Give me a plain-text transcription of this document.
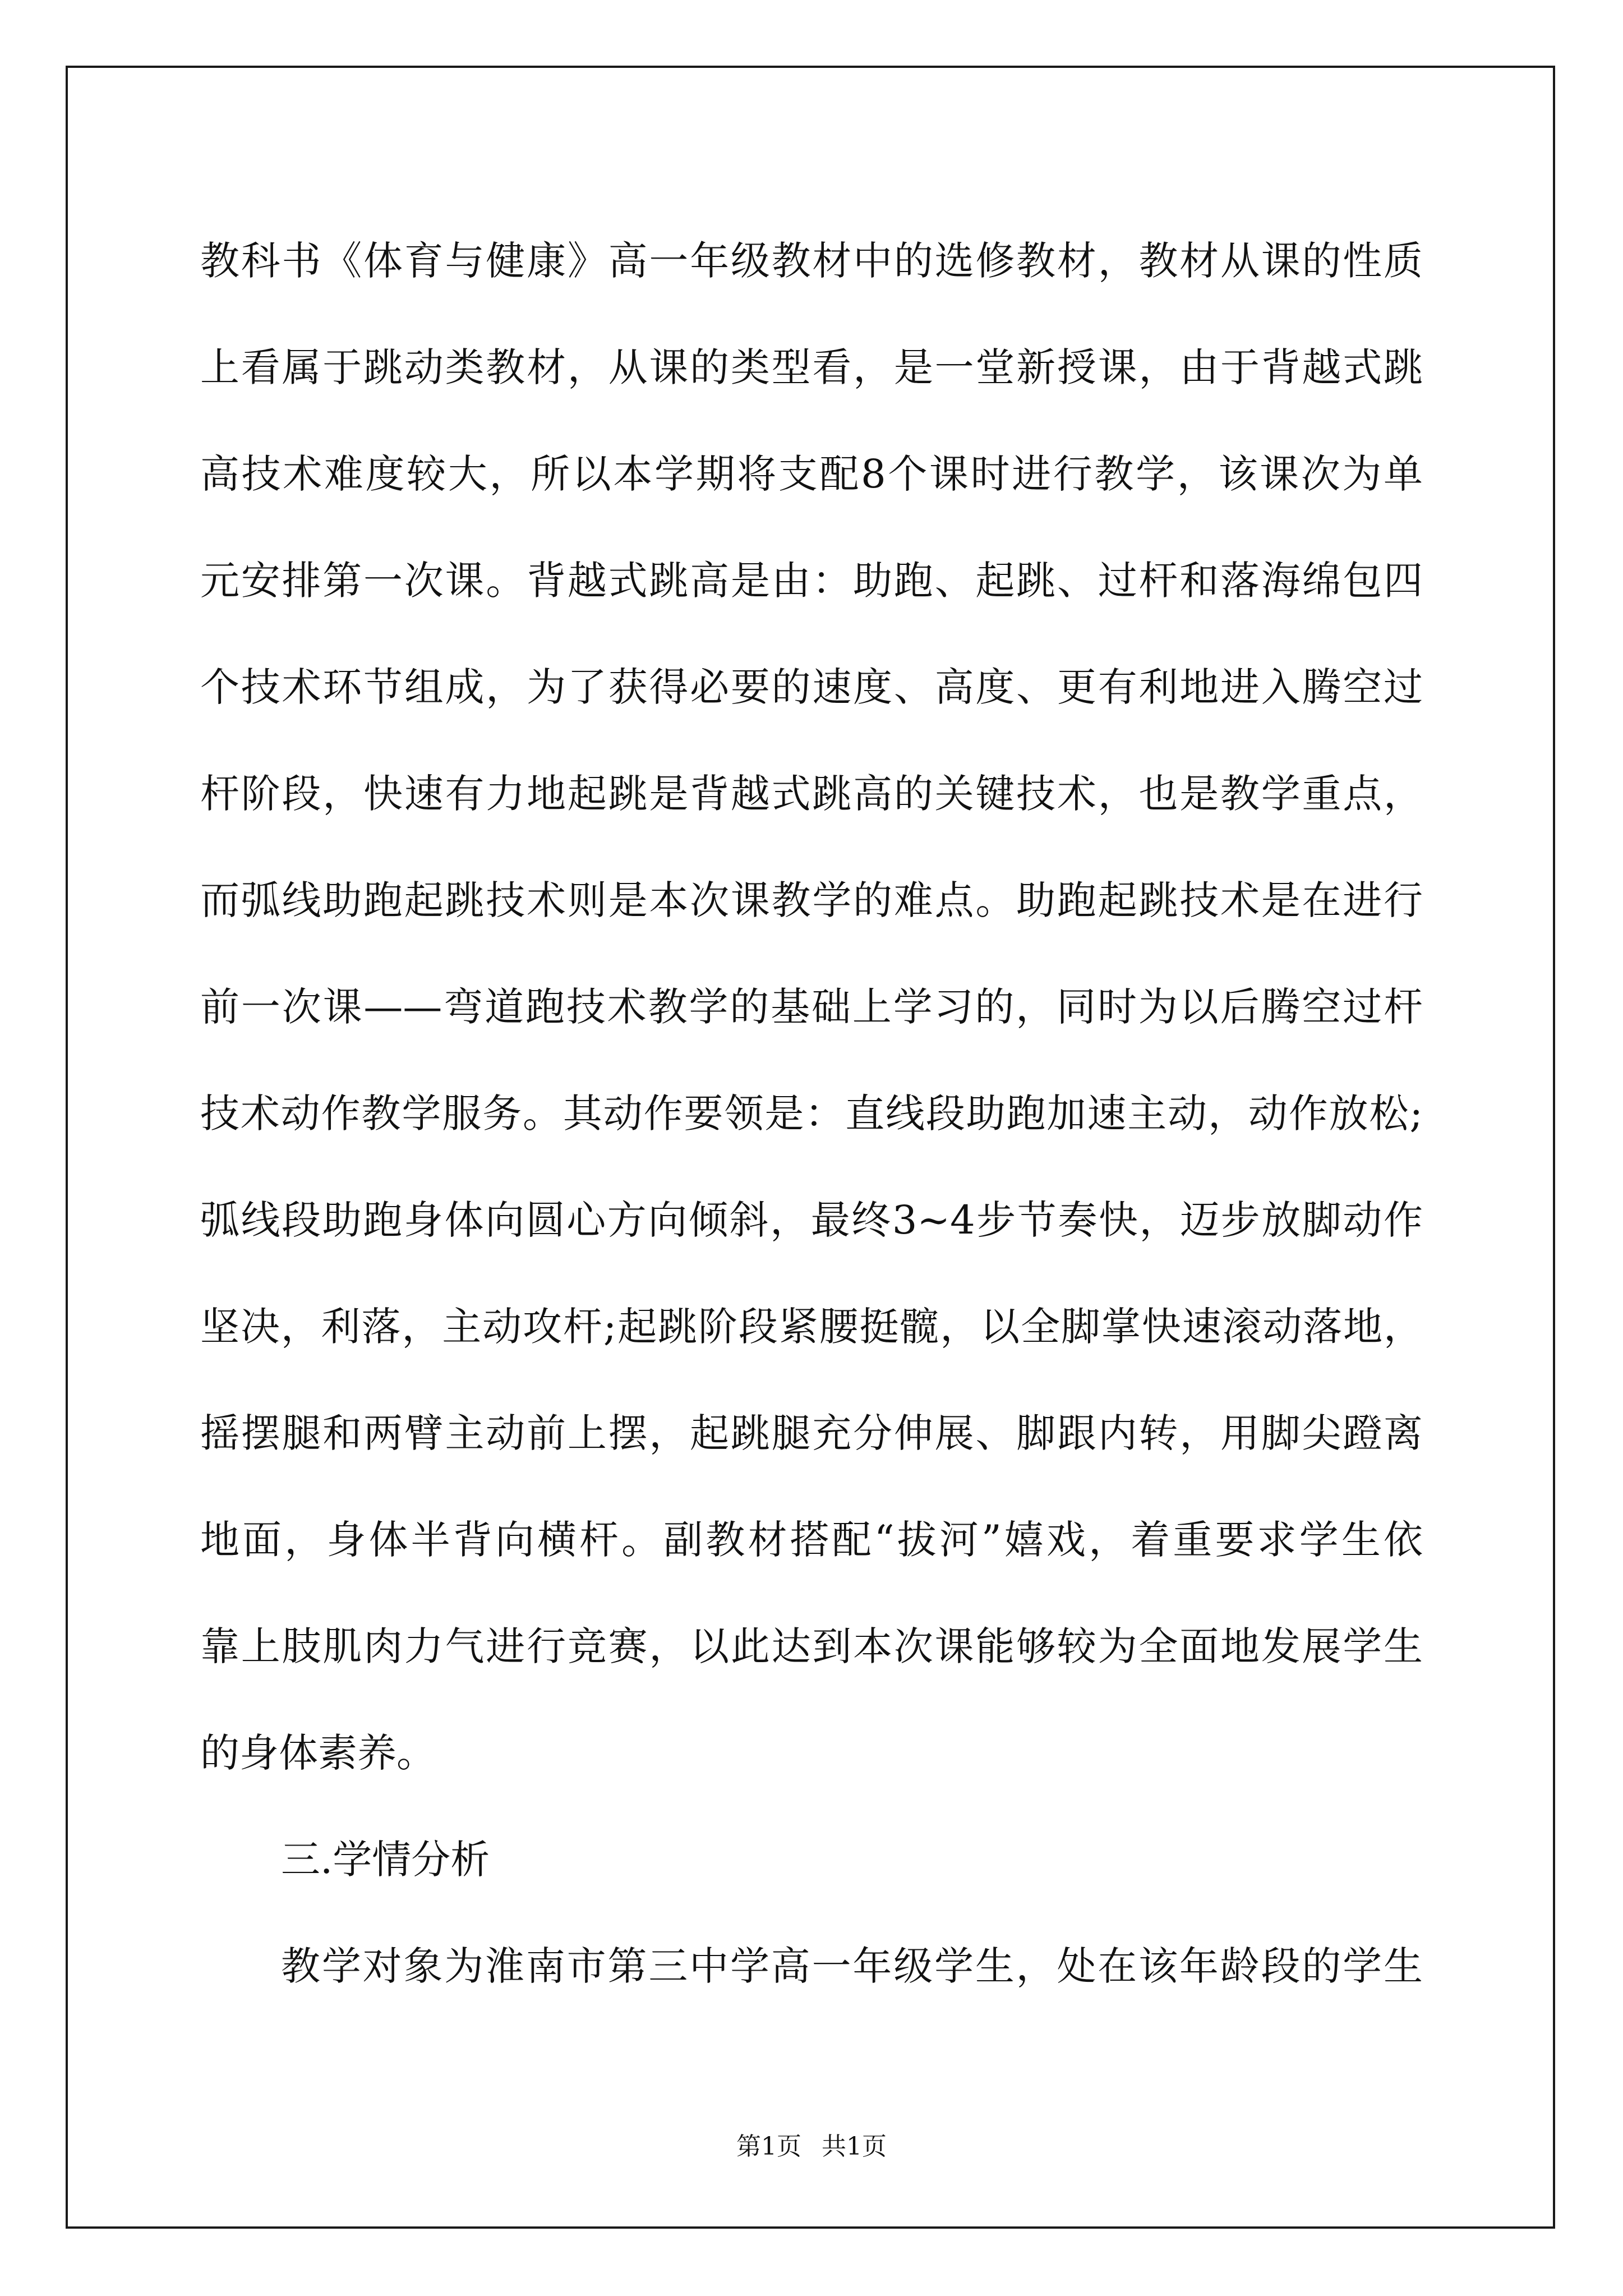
教科书《体育与健康》高一年级教材中的选修教材，教材从课的性质
上看属于跳动类教材，从课的类型看，是一堂新授课，由于背越式跳
高技术难度较大，所以本学期将支配8个课时进行教学，该课次为单
元安排第一次课。背越式跳高是由：助跑、起跳、过杆和落海绵包四
个技术环节组成，为了获得必要的速度、高度、更有利地进入腾空过
杆阶段，快速有力地起跳是背越式跳高的关键技术，也是教学重点，
而弧线助跑起跳技术则是本次课教学的难点。助跑起跳技术是在进行
前一次课——弯道跑技术教学的基础上学习的，同时为以后腾空过杆
技术动作教学服务。其动作要领是：直线段助跑加速主动，动作放松;
弧线段助跑身体向圆心方向倾斜，最终3~4步节奏快，迈步放脚动作
坚决，利落，主动攻杆;起跳阶段紧腰挺髋，以全脚掌快速滚动落地，
摇摆腿和两臂主动前上摆，起跳腿充分伸展、脚跟内转，用脚尖蹬离
地面，身体半背向横杆。副教材搭配“拔河”嬉戏，着重要求学生依
靠上肢肌肉力气进行竞赛，以此达到本次课能够较为全面地发展学生
的身体素养。
三.学情分析
教学对象为淮南市第三中学高一年级学生，处在该年龄段的学生
第1页 共1页
